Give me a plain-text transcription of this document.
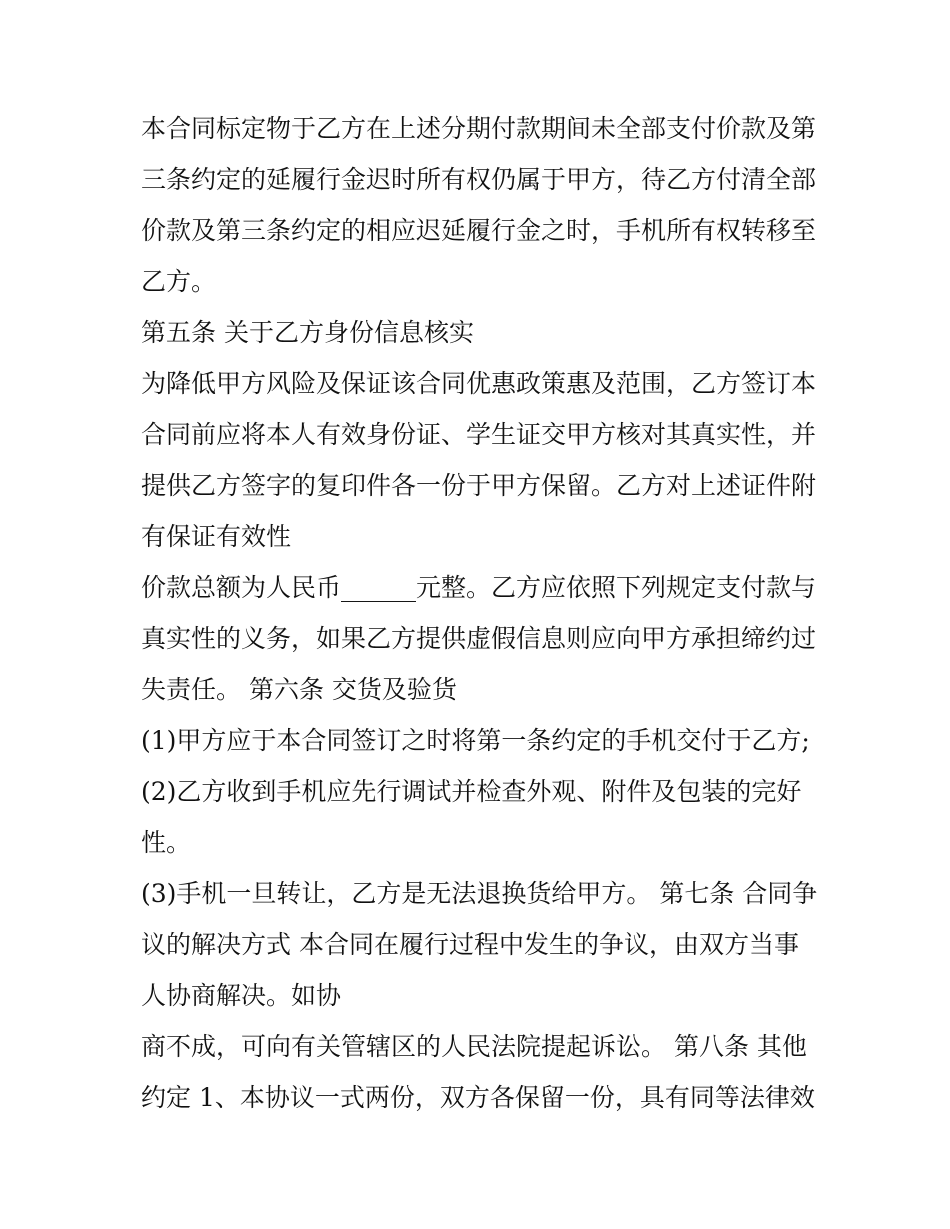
本合同标定物于乙方在上述分期付款期间未全部支付价款及第
三条约定的延履行金迟时所有权仍属于甲方，待乙方付清全部
价款及第三条约定的相应迟延履行金之时，手机所有权转移至
乙方。
第五条 关于乙方身份信息核实
为降低甲方风险及保证该合同优惠政策惠及范围，乙方签订本
合同前应将本人有效身份证、学生证交甲方核对其真实性，并
提供乙方签字的复印件各一份于甲方保留。乙方对上述证件附
有保证有效性
价款总额为人民币______元整。乙方应依照下列规定支付款与
真实性的义务，如果乙方提供虚假信息则应向甲方承担缔约过
失责任。 第六条 交货及验货
(1)甲方应于本合同签订之时将第一条约定的手机交付于乙方;
(2)乙方收到手机应先行调试并检查外观、附件及包装的完好
性。
(3)手机一旦转让，乙方是无法退换货给甲方。 第七条 合同争
议的解决方式 本合同在履行过程中发生的争议，由双方当事
人协商解决。如协
商不成，可向有关管辖区的人民法院提起诉讼。 第八条 其他
约定 1、本协议一式两份，双方各保留一份，具有同等法律效
